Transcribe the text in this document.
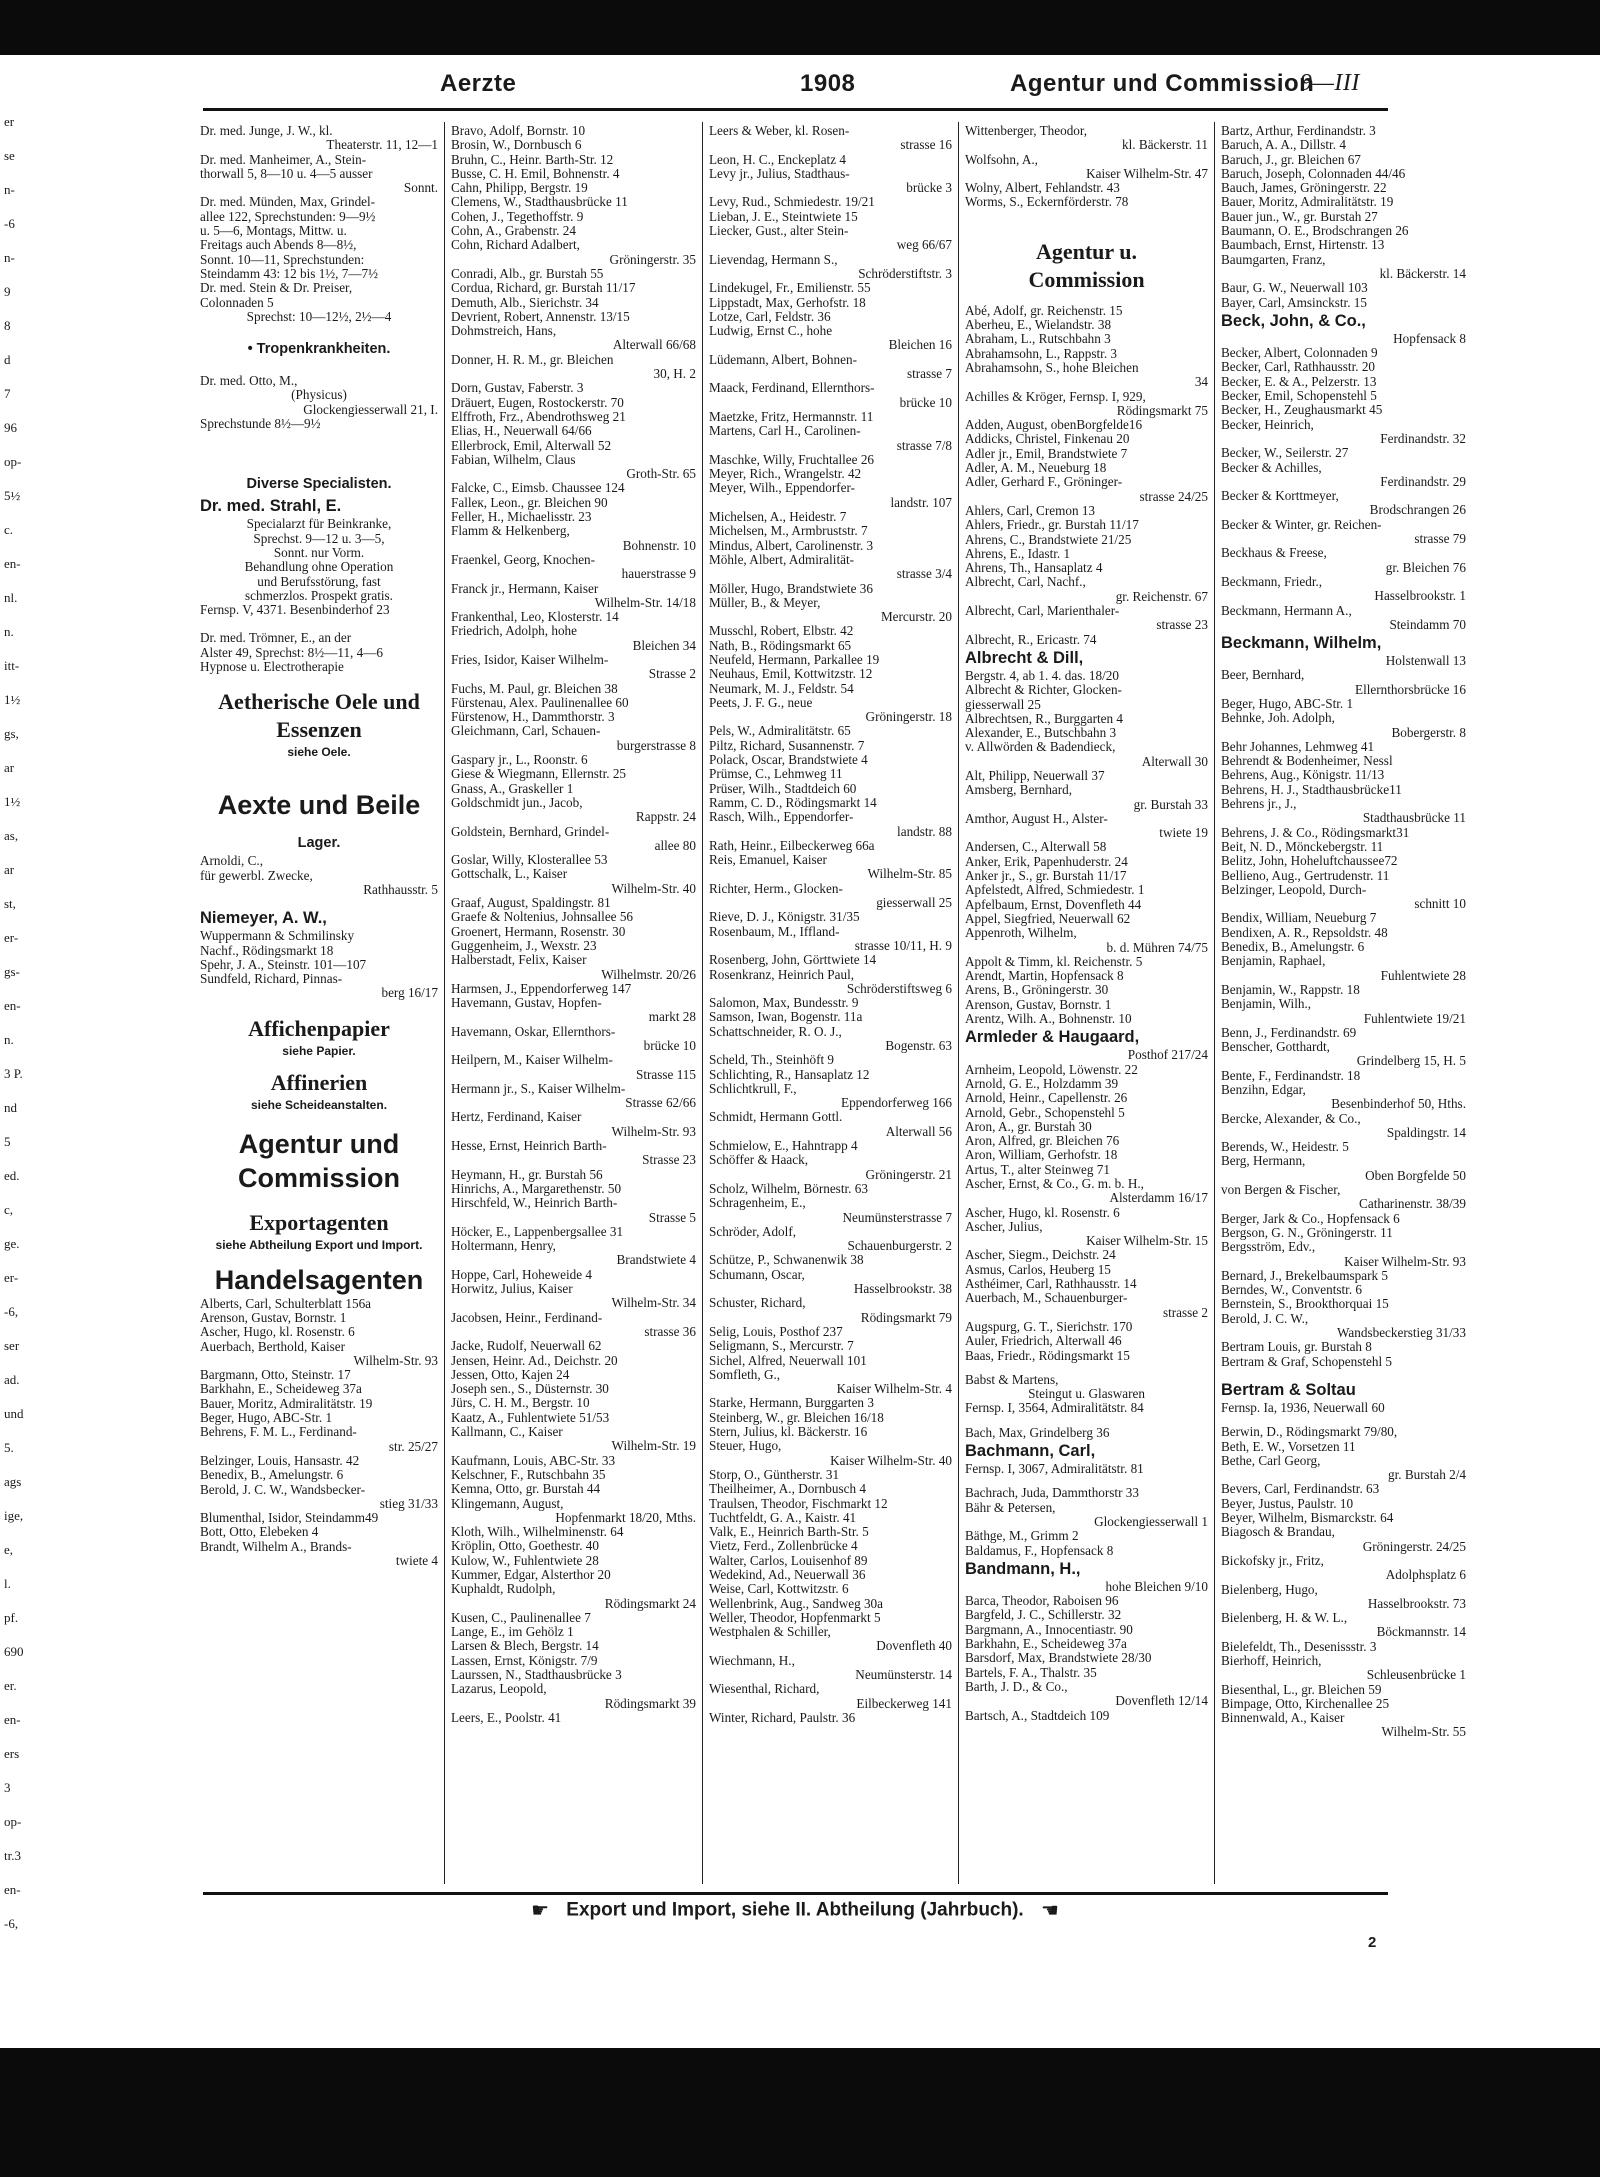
er
se
n-
-6
n-
9
8
d
7
96
op-
5½
c.
en-
nl.
n.
itt-
1½
gs,
ar
1½
as,
ar
st,
er-
gs-
en-
n.
3 P.
nd
5
ed.
c,
ge.
er-
-6,
ser
ad.
und
5.
ags
ige,
e,
l.
pf.
690
er.
en-
ers
3
op-
tr.3
en-
-6,
Aerzte	1908	Agentur und Commission
9—III
Dr. med. Junge, J. W., kl.
Theaterstr. 11, 12—1
Dr. med. Manheimer, A., Stein-
thorwall 5, 8—10 u. 4—5 ausser
Sonnt.
Dr. med. Münden, Max, Grindel-
allee 122, Sprechstunden: 9—9½
u. 5—6, Montags, Mittw. u.
Freitags auch Abends 8—8½,
Sonnt. 10—11, Sprechstunden:
Steindamm 43: 12 bis 1½, 7—7½
Dr. med. Stein & Dr. Preiser,
Colonnaden 5
Sprechst: 10—12½, 2½—4
• Tropenkrankheiten.
Dr. med. Otto, M.,
(Physicus)
Glockengiesserwall 21, I.
Sprechstunde 8½—9½
Diverse Specialisten.
Dr. med. Strahl, E.
Specialarzt für Beinkranke,
Sprechst. 9—12 u. 3—5,
Sonnt. nur Vorm.
Behandlung ohne Operation
und Berufsstörung, fast
schmerzlos. Prospekt gratis.
Fernsp. V, 4371. Besenbinderhof 23
Dr. med. Trömner, E., an der
Alster 49, Sprechst: 8½—11, 4—6
Hypnose u. Electrotherapie
Aetherische Oele und
Essenzen
siehe Oele.
Aexte und Beile
Lager.
Arnoldi, C.,
für gewerbl. Zwecke,
Rathhausstr. 5
Niemeyer, A. W.,
Wuppermann & Schmilinsky
Nachf., Rödingsmarkt 18
Spehr, J. A., Steinstr. 101—107
Sundfeld, Richard, Pinnas-
berg 16/17
Affichenpapier
siehe Papier.
Affinerien
siehe Scheideanstalten.
Agentur und
Commission
Exportagenten
siehe Abtheilung Export und Import.
Handelsagenten
Alberts, Carl, Schulterblatt 156a
Arenson, Gustav, Bornstr. 1
Ascher, Hugo, kl. Rosenstr. 6
Auerbach, Berthold, Kaiser
Wilhelm-Str. 93
Bargmann, Otto, Steinstr. 17
Barkhahn, E., Scheideweg 37a
Bauer, Moritz, Admiralitätstr. 19
Beger, Hugo, ABC-Str. 1
Behrens, F. M. L., Ferdinand-
str. 25/27
Belzinger, Louis, Hansastr. 42
Benedix, B., Amelungstr. 6
Berold, J. C. W., Wandsbecker-
stieg 31/33
Blumenthal, Isidor, Steindamm49
Bott, Otto, Elebeken 4
Brandt, Wilhelm A., Brands-
twiete 4
Bravo, Adolf, Bornstr. 10
Brosin, W., Dornbusch 6
Bruhn, C., Heinr. Barth-Str. 12
Busse, C. H. Emil, Bohnenstr. 4
Cahn, Philipp, Bergstr. 19
Clemens, W., Stadthausbrücke 11
Cohen, J., Tegethoffstr. 9
Cohn, A., Grabenstr. 24
Cohn, Richard Adalbert,
Gröningerstr. 35
Conradi, Alb., gr. Burstah 55
Cordua, Richard, gr. Burstah 11/17
Demuth, Alb., Sierichstr. 34
Devrient, Robert, Annenstr. 13/15
Dohmstreich, Hans,
Alterwall 66/68
Donner, H. R. M., gr. Bleichen
30, H. 2
Dorn, Gustav, Faberstr. 3
Dräuert, Eugen, Rostockerstr. 70
Elffroth, Frz., Abendrothsweg 21
Elias, H., Neuerwall 64/66
Ellerbrock, Emil, Alterwall 52
Fabian, Wilhelm, Claus
Groth-Str. 65
Falcke, C., Eimsb. Chaussee 124
Falleк, Leon., gr. Bleichen 90
Feller, H., Michaelisstr. 23
Flamm & Helkenberg,
Bohnenstr. 10
Fraenkel, Georg, Knochen-
hauerstrasse 9
Franck jr., Hermann, Kaiser
Wilhelm-Str. 14/18
Frankenthal, Leo, Klosterstr. 14
Friedrich, Adolph, hohe
Bleichen 34
Fries, Isidor, Kaiser Wilhelm-
Strasse 2
Fuchs, M. Paul, gr. Bleichen 38
Fürstenau, Alex. Paulinenallee 60
Fürstenow, H., Dammthorstr. 3
Gleichmann, Carl, Schauen-
burgerstrasse 8
Gaspary jr., L., Roonstr. 6
Giese & Wiegmann, Ellernstr. 25
Gnass, A., Graskeller 1
Goldschmidt jun., Jacob,
Rappstr. 24
Goldstein, Bernhard, Grindel-
allee 80
Goslar, Willy, Klosterallee 53
Gottschalk, L., Kaiser
Wilhelm-Str. 40
Graaf, August, Spaldingstr. 81
Graefe & Noltenius, Johnsallee 56
Groenert, Hermann, Rosenstr. 30
Guggenheim, J., Wexstr. 23
Halberstadt, Felix, Kaiser
Wilhelmstr. 20/26
Harmsen, J., Eppendorferweg 147
Havemann, Gustav, Hopfen-
markt 28
Havemann, Oskar, Ellernthors-
brücke 10
Heilpern, M., Kaiser Wilhelm-
Strasse 115
Hermann jr., S., Kaiser Wilhelm-
Strasse 62/66
Hertz, Ferdinand, Kaiser
Wilhelm-Str. 93
Hesse, Ernst, Heinrich Barth-
Strasse 23
Heymann, H., gr. Burstah 56
Hinrichs, A., Margarethenstr. 50
Hirschfeld, W., Heinrich Barth-
Strasse 5
Höcker, E., Lappenbergsallee 31
Holtermann, Henry,
Brandstwiete 4
Hoppe, Carl, Hoheweide 4
Horwitz, Julius, Kaiser
Wilhelm-Str. 34
Jacobsen, Heinr., Ferdinand-
strasse 36
Jacke, Rudolf, Neuerwall 62
Jensen, Heinr. Ad., Deichstr. 20
Jessen, Otto, Kajen 24
Joseph sen., S., Düsternstr. 30
Jürs, C. H. M., Bergstr. 10
Kaatz, A., Fuhlentwiete 51/53
Kallmann, C., Kaiser
Wilhelm-Str. 19
Kaufmann, Louis, ABC-Str. 33
Kelschner, F., Rutschbahn 35
Kemna, Otto, gr. Burstah 44
Klingemann, August,
Hopfenmarkt 18/20, Mths.
Kloth, Wilh., Wilhelminenstr. 64
Kröplin, Otto, Goethestr. 40
Kulow, W., Fuhlentwiete 28
Kummer, Edgar, Alsterthor 20
Kuphaldt, Rudolph,
Rödingsmarkt 24
Kusen, C., Paulinenallee 7
Lange, E., im Gehölz 1
Larsen & Blech, Bergstr. 14
Lassen, Ernst, Königstr. 7/9
Laurssen, N., Stadthausbrücke 3
Lazarus, Leopold,
Rödingsmarkt 39
Leers, E., Poolstr. 41
Leers & Weber, kl. Rosen-
strasse 16
Leon, H. C., Enckeplatz 4
Levy jr., Julius, Stadthaus-
brücke 3
Levy, Rud., Schmiedestr. 19/21
Lieban, J. E., Steintwiete 15
Liecker, Gust., alter Stein-
weg 66/67
Lievendag, Hermann S.,
Schröderstiftstr. 3
Lindekugel, Fr., Emilienstr. 55
Lippstadt, Max, Gerhofstr. 18
Lotze, Carl, Feldstr. 36
Ludwig, Ernst C., hohe
Bleichen 16
Lüdemann, Albert, Bohnen-
strasse 7
Maack, Ferdinand, Ellernthors-
brücke 10
Maetzke, Fritz, Hermannstr. 11
Martens, Carl H., Carolinen-
strasse 7/8
Maschke, Willy, Fruchtallee 26
Meyer, Rich., Wrangelstr. 42
Meyer, Wilh., Eppendorfer-
landstr. 107
Michelsen, A., Heidestr. 7
Michelsen, M., Armbruststr. 7
Mindus, Albert, Carolinenstr. 3
Möhle, Albert, Admiralität-
strasse 3/4
Möller, Hugo, Brandstwiete 36
Müller, B., & Meyer,
Mercurstr. 20
Musschl, Robert, Elbstr. 42
Nath, B., Rödingsmarkt 65
Neufeld, Hermann, Parkallee 19
Neuhaus, Emil, Kottwitzstr. 12
Neumark, M. J., Feldstr. 54
Peets, J. F. G., neue
Gröningerstr. 18
Pels, W., Admiralitätstr. 65
Piltz, Richard, Susannenstr. 7
Polack, Oscar, Brandstwiete 4
Prümse, C., Lehmweg 11
Prüser, Wilh., Stadtdeich 60
Ramm, C. D., Rödingsmarkt 14
Rasch, Wilh., Eppendorfer-
landstr. 88
Rath, Heinr., Eilbeckerweg 66a
Reis, Emanuel, Kaiser
Wilhelm-Str. 85
Richter, Herm., Glocken-
giesserwall 25
Rieve, D. J., Königstr. 31/35
Rosenbaum, M., Iffland-
strasse 10/11, H. 9
Rosenberg, John, Görttwiete 14
Rosenkranz, Heinrich Paul,
Schröderstiftsweg 6
Salomon, Max, Bundesstr. 9
Samson, Iwan, Bogenstr. 11a
Schattschneider, R. O. J.,
Bogenstr. 63
Scheld, Th., Steinhöft 9
Schlichting, R., Hansaplatz 12
Schlichtkrull, F.,
Eppendorferweg 166
Schmidt, Hermann Gottl.
Alterwall 56
Schmielow, E., Hahntrapp 4
Schöffer & Haack,
Gröningerstr. 21
Scholz, Wilhelm, Börnestr. 63
Schragenheim, E.,
Neumünsterstrasse 7
Schröder, Adolf,
Schauenburgerstr. 2
Schütze, P., Schwanenwik 38
Schumann, Oscar,
Hasselbrookstr. 38
Schuster, Richard,
Rödingsmarkt 79
Selig, Louis, Posthof 237
Seligmann, S., Mercurstr. 7
Sichel, Alfred, Neuerwall 101
Somfleth, G.,
Kaiser Wilhelm-Str. 4
Starke, Hermann, Burggarten 3
Steinberg, W., gr. Bleichen 16/18
Stern, Julius, kl. Bäckerstr. 16
Steuer, Hugo,
Kaiser Wilhelm-Str. 40
Storp, O., Güntherstr. 31
Theilheimer, A., Dornbusch 4
Traulsen, Theodor, Fischmarkt 12
Tuchtfeldt, G. A., Kaistr. 41
Valk, E., Heinrich Barth-Str. 5
Vietz, Ferd., Zollenbrücke 4
Walter, Carlos, Louisenhof 89
Wedekind, Ad., Neuerwall 36
Weise, Carl, Kottwitzstr. 6
Wellenbrink, Aug., Sandweg 30a
Weller, Theodor, Hopfenmarkt 5
Westphalen & Schiller,
Dovenfleth 40
Wiechmann, H.,
Neumünsterstr. 14
Wiesenthal, Richard,
Eilbeckerweg 141
Winter, Richard, Paulstr. 36
Wittenberger, Theodor,
kl. Bäckerstr. 11
Wolfsohn, A.,
Kaiser Wilhelm-Str. 47
Wolny, Albert, Fehlandstr. 43
Worms, S., Eckernförderstr. 78
Agentur u.
Commission
Abé, Adolf, gr. Reichenstr. 15
Aberheu, E., Wielandstr. 38
Abraham, L., Rutschbahn 3
Abrahamsohn, L., Rappstr. 3
Abrahamsohn, S., hohe Bleichen
34
Achilles & Kröger, Fernsp. I, 929,
Rödingsmarkt 75
Adden, August, obenBorgfelde16
Addicks, Christel, Finkenau 20
Adler jr., Emil, Brandstwiete 7
Adler, A. M., Neueburg 18
Adler, Gerhard F., Gröninger-
strasse 24/25
Ahlers, Carl, Cremon 13
Ahlers, Friedr., gr. Burstah 11/17
Ahrens, C., Brandstwiete 21/25
Ahrens, E., Idastr. 1
Ahrens, Th., Hansaplatz 4
Albrecht, Carl, Nachf.,
gr. Reichenstr. 67
Albrecht, Carl, Marienthaler-
strasse 23
Albrecht, R., Ericastr. 74
Albrecht & Dill,
Bergstr. 4, ab 1. 4. das. 18/20
Albrecht & Richter, Glocken-
giesserwall 25
Albrechtsen, R., Burggarten 4
Alexander, E., Butschbahn 3
v. Allwörden & Badendieck,
Alterwall 30
Alt, Philipp, Neuerwall 37
Amsberg, Bernhard,
gr. Burstah 33
Amthor, August H., Alster-
twiete 19
Andersen, C., Alterwall 58
Anker, Erik, Papenhuderstr. 24
Anker jr., S., gr. Burstah 11/17
Apfelstedt, Alfred, Schmiedestr. 1
Apfelbaum, Ernst, Dovenfleth 44
Appel, Siegfried, Neuerwall 62
Appenroth, Wilhelm,
b. d. Mühren 74/75
Appolt & Timm, kl. Reichenstr. 5
Arendt, Martin, Hopfensack 8
Arens, B., Gröningerstr. 30
Arenson, Gustav, Bornstr. 1
Arentz, Wilh. A., Bohnenstr. 10
Armleder & Haugaard,
Posthof 217/24
Arnheim, Leopold, Löwenstr. 22
Arnold, G. E., Holzdamm 39
Arnold, Heinr., Capellenstr. 26
Arnold, Gebr., Schopenstehl 5
Aron, A., gr. Burstah 30
Aron, Alfred, gr. Bleichen 76
Aron, William, Gerhofstr. 18
Artus, T., alter Steinweg 71
Ascher, Ernst, & Co., G. m. b. H.,
Alsterdamm 16/17
Ascher, Hugo, kl. Rosenstr. 6
Ascher, Julius,
Kaiser Wilhelm-Str. 15
Ascher, Siegm., Deichstr. 24
Asmus, Carlos, Heuberg 15
Asthéimer, Carl, Rathhausstr. 14
Auerbach, M., Schauenburger-
strasse 2
Augspurg, G. T., Sierichstr. 170
Auler, Friedrich, Alterwall 46
Baas, Friedr., Rödingsmarkt 15
Babst & Martens,
Steingut u. Glaswaren
Fernsp. I, 3564, Admiralitätstr. 84
Bach, Max, Grindelberg 36
Bachmann, Carl,
Fernsp. I, 3067, Admiralitätstr. 81
Bachrach, Juda, Dammthorstr 33
Bähr & Petersen,
Glockengiesserwall 1
Bäthge, M., Grimm 2
Baldamus, F., Hopfensack 8
Bandmann, H.,
hohe Bleichen 9/10
Barca, Theodor, Raboisen 96
Bargfeld, J. C., Schillerstr. 32
Bargmann, A., Innocentiastr. 90
Barkhahn, E., Scheideweg 37a
Barsdorf, Max, Brandstwiete 28/30
Bartels, F. A., Thalstr. 35
Barth, J. D., & Co.,
Dovenfleth 12/14
Bartsch, A., Stadtdeich 109
Bartz, Arthur, Ferdinandstr. 3
Baruch, A. A., Dillstr. 4
Baruch, J., gr. Bleichen 67
Baruch, Joseph, Colonnaden 44/46
Bauch, James, Gröningerstr. 22
Bauer, Moritz, Admiralitätstr. 19
Bauer jun., W., gr. Burstah 27
Baumann, O. E., Brodschrangen 26
Baumbach, Ernst, Hirtenstr. 13
Baumgarten, Franz,
kl. Bäckerstr. 14
Baur, G. W., Neuerwall 103
Bayer, Carl, Amsinckstr. 15
Beck, John, & Co.,
Hopfensack 8
Becker, Albert, Colonnaden 9
Becker, Carl, Rathhausstr. 20
Becker, E. & A., Pelzerstr. 13
Becker, Emil, Schopenstehl 5
Becker, H., Zeughausmarkt 45
Becker, Heinrich,
Ferdinandstr. 32
Becker, W., Seilerstr. 27
Becker & Achilles,
Ferdinandstr. 29
Becker & Korttmeyer,
Brodschrangen 26
Becker & Winter, gr. Reichen-
strasse 79
Beckhaus & Freese,
gr. Bleichen 76
Beckmann, Friedr.,
Hasselbrookstr. 1
Beckmann, Hermann A.,
Steindamm 70
Beckmann, Wilhelm,
Holstenwall 13
Beer, Bernhard,
Ellernthorsbrücke 16
Beger, Hugo, ABC-Str. 1
Behnke, Joh. Adolph,
Bobergerstr. 8
Behr Johannes, Lehmweg 41
Behrendt & Bodenheimer, Nessl
Behrens, Aug., Königstr. 11/13
Behrens, H. J., Stadthausbrücke11
Behrens jr., J.,
Stadthausbrücke 11
Behrens, J. & Co., Rödingsmarkt31
Beit, N. D., Mönckebergstr. 11
Belitz, John, Hoheluftchaussee72
Bellieno, Aug., Gertrudenstr. 11
Belzinger, Leopold, Durch-
schnitt 10
Bendix, William, Neueburg 7
Bendixen, A. R., Repsoldstr. 48
Benedix, B., Amelungstr. 6
Benjamin, Raphael,
Fuhlentwiete 28
Benjamin, W., Rappstr. 18
Benjamin, Wilh.,
Fuhlentwiete 19/21
Benn, J., Ferdinandstr. 69
Benscher, Gotthardt,
Grindelberg 15, H. 5
Bente, F., Ferdinandstr. 18
Benzihn, Edgar,
Besenbinderhof 50, Hths.
Bercke, Alexander, & Co.,
Spaldingstr. 14
Berends, W., Heidestr. 5
Berg, Hermann,
Oben Borgfelde 50
von Bergen & Fischer,
Catharinenstr. 38/39
Berger, Jark & Co., Hopfensack 6
Bergson, G. N., Gröningerstr. 11
Bergsström, Edv.,
Kaiser Wilhelm-Str. 93
Bernard, J., Brekelbaumspark 5
Berndes, W., Conventstr. 6
Bernstein, S., Brookthorquai 15
Berold, J. C. W.,
Wandsbeckerstieg 31/33
Bertram Louis, gr. Burstah 8
Bertram & Graf, Schopenstehl 5
Bertram & Soltau
Fernsp. Ia, 1936, Neuerwall 60
Berwin, D., Rödingsmarkt 79/80,
Beth, E. W., Vorsetzen 11
Bethe, Carl Georg,
gr. Burstah 2/4
Bevers, Carl, Ferdinandstr. 63
Beyer, Justus, Paulstr. 10
Beyer, Wilhelm, Bismarckstr. 64
Biagosch & Brandau,
Gröningerstr. 24/25
Bickofsky jr., Fritz,
Adolphsplatz 6
Bielenberg, Hugo,
Hasselbrookstr. 73
Bielenberg, H. & W. L.,
Böckmannstr. 14
Bielefeldt, Th., Desenissstr. 3
Bierhoff, Heinrich,
Schleusenbrücke 1
Biesenthal, L., gr. Bleichen 59
Bimpage, Otto, Kirchenallee 25
Binnenwald, A., Kaiser
Wilhelm-Str. 55
☛ Export und Import, siehe II. Abtheilung (Jahrbuch). ☚
2
